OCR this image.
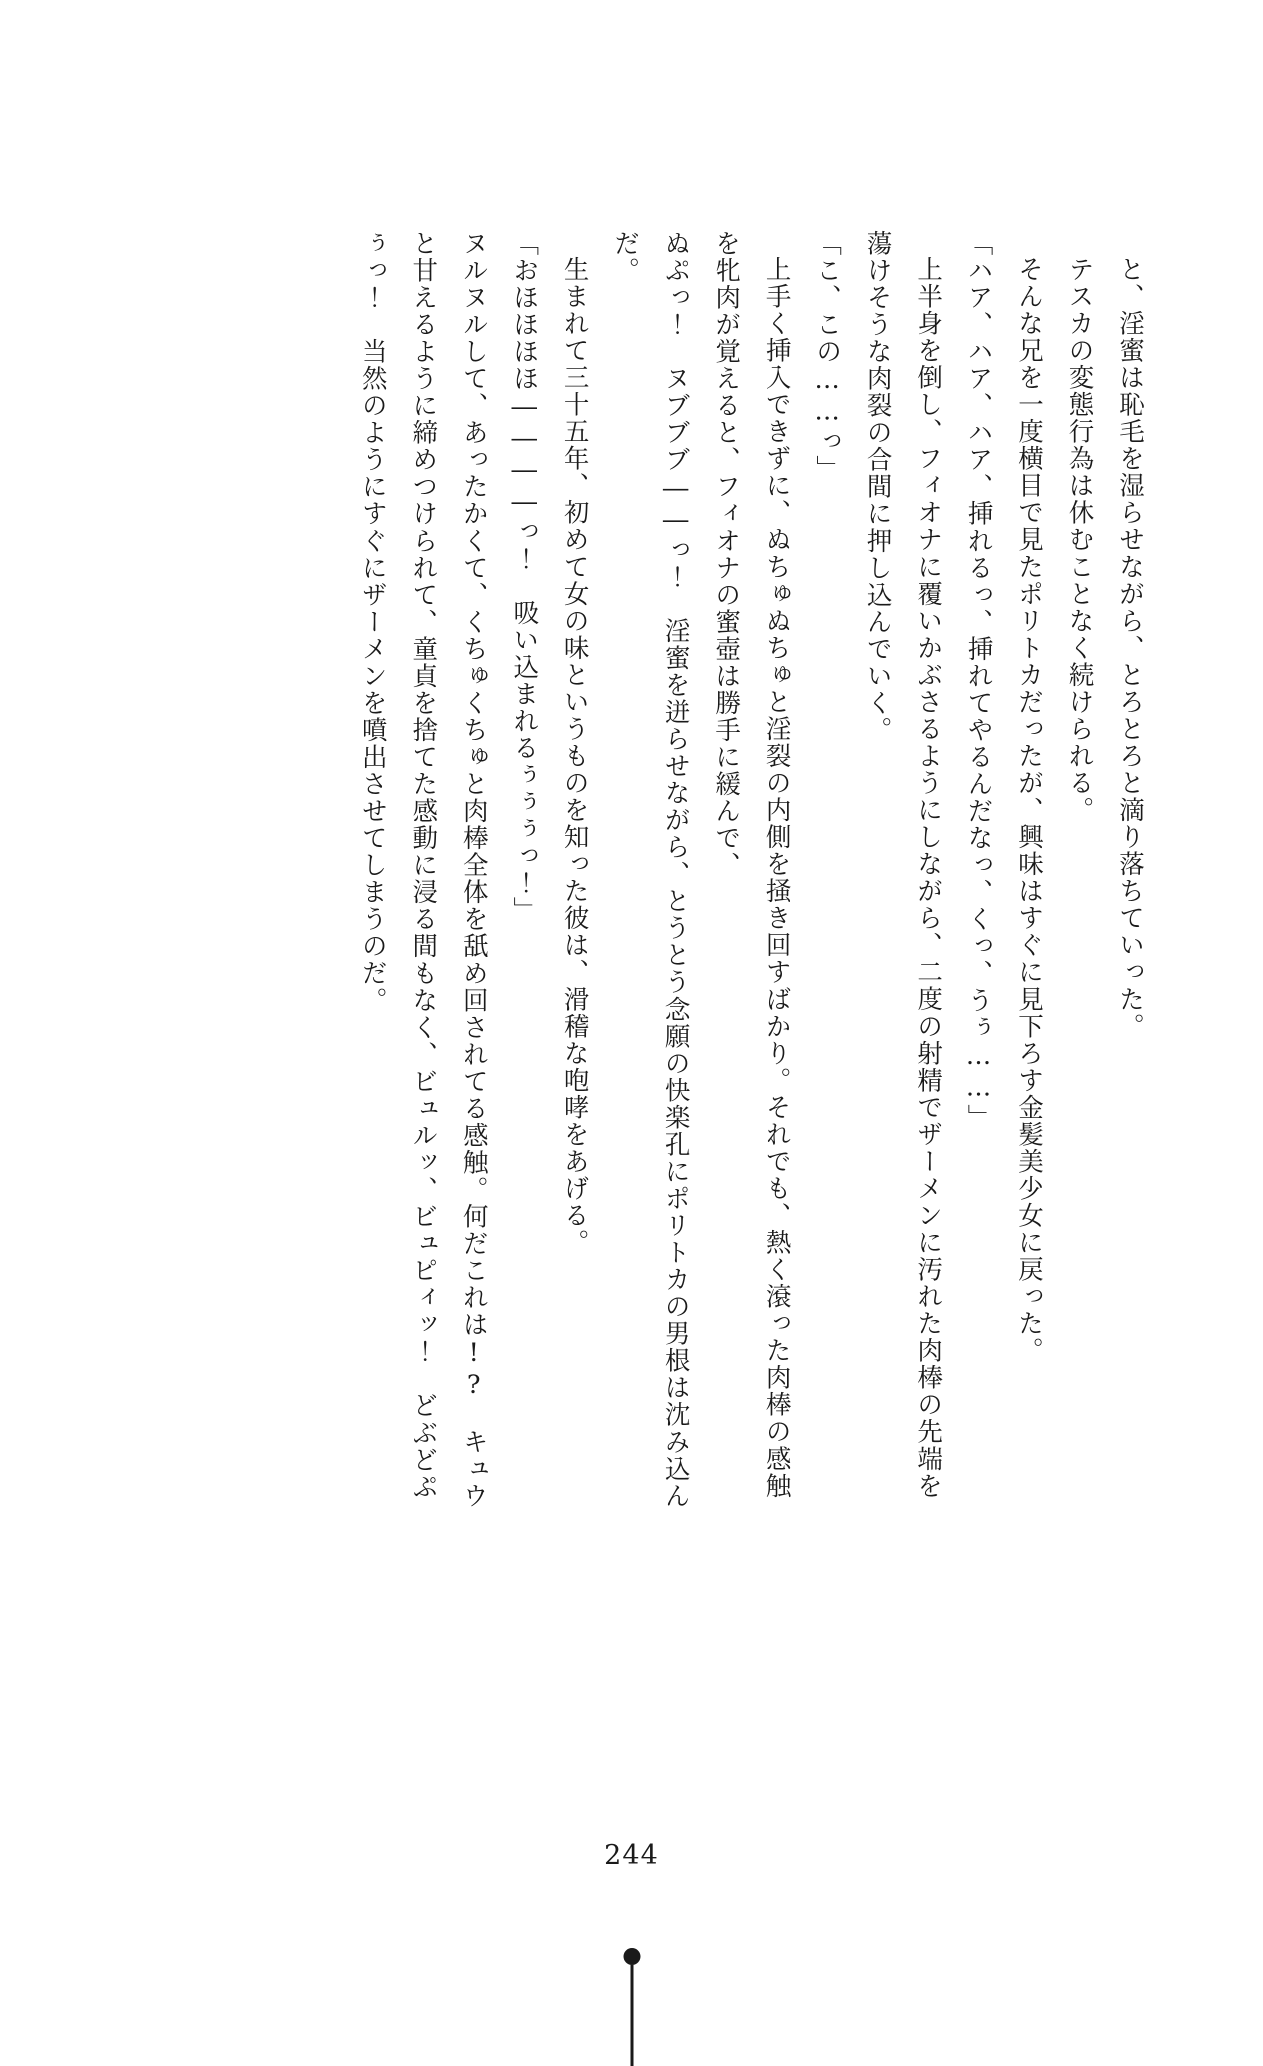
と、淫蜜は恥毛を湿らせながら、とろとろと滴り落ちていった。

テスカの変態行為は休むことなく続けられる。

そんな兄を一度横目で見たポリトカだったが、興味はすぐに見下ろす金髪美少女に戻った。

「ハア、ハア、ハア、挿れるっ、挿れてやるんだなっ、くっ、うぅ……」

上半身を倒し、フィオナに覆いかぶさるようにしながら、二度の射精でザーメンに汚れた肉棒の先端を蕩けそうな肉裂の合間に押し込んでいく。

「こ、この……っ」

上手く挿入できずに、ぬちゅぬちゅと淫裂の内側を掻き回すばかり。それでも、熱く滾った肉棒の感触を牝肉が覚えると、フィオナの蜜壺は勝手に緩んで、

ぬぷっ！　ヌブブブ――っ！　淫蜜を迸らせながら、とうとう念願の快楽孔にポリトカの男根は沈み込んだ。

生まれて三十五年、初めて女の味というものを知った彼は、滑稽な咆哮をあげる。

「おほほほほ――――っ！　吸い込まれるぅぅぅっ！」

ヌルヌルして、あったかくて、くちゅくちゅと肉棒全体を舐め回されてる感触。何だこれは!?　キュウと甘えるように締めつけられて、童貞を捨てた感動に浸る間もなく、ビュルッ、ビュピィッ！　どぶどぷぅっ！　当然のようにすぐにザーメンを噴出させてしまうのだ。

244
